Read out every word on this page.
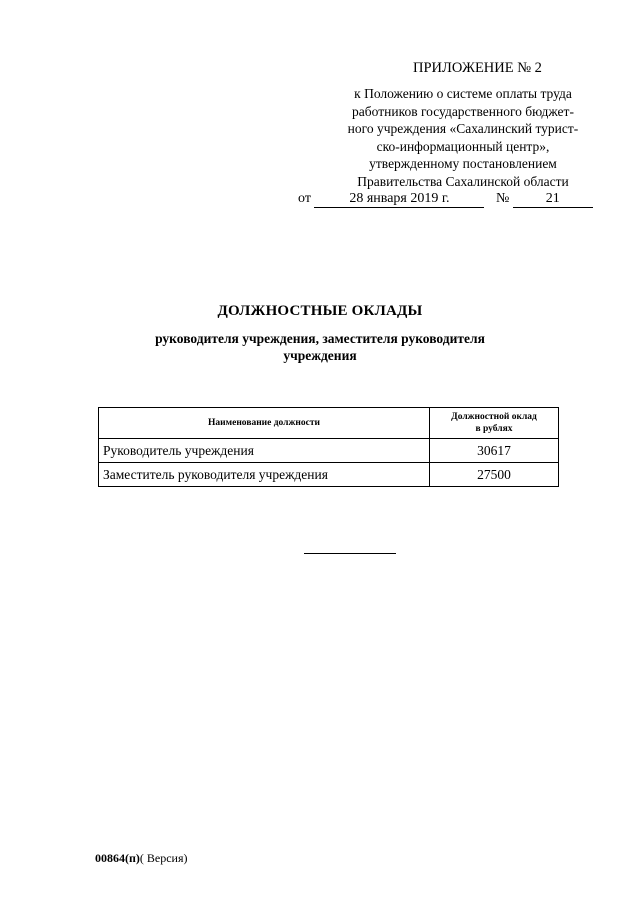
ПРИЛОЖЕНИЕ № 2
к Положению о системе оплаты труда
работников государственного бюджет-
ного учреждения «Сахалинский турист-
ско-информационный центр»,
утвержденному постановлением
Правительства Сахалинской области
от	28 января 2019 г.	№	21
ДОЛЖНОСТНЫЕ ОКЛАДЫ
руководителя учреждения, заместителя руководителя
учреждения
Наименование должности	Должностной оклад
в рублях

Руководитель учреждения	30617
Заместитель руководителя учреждения	27500
00864(п)( Версия)
